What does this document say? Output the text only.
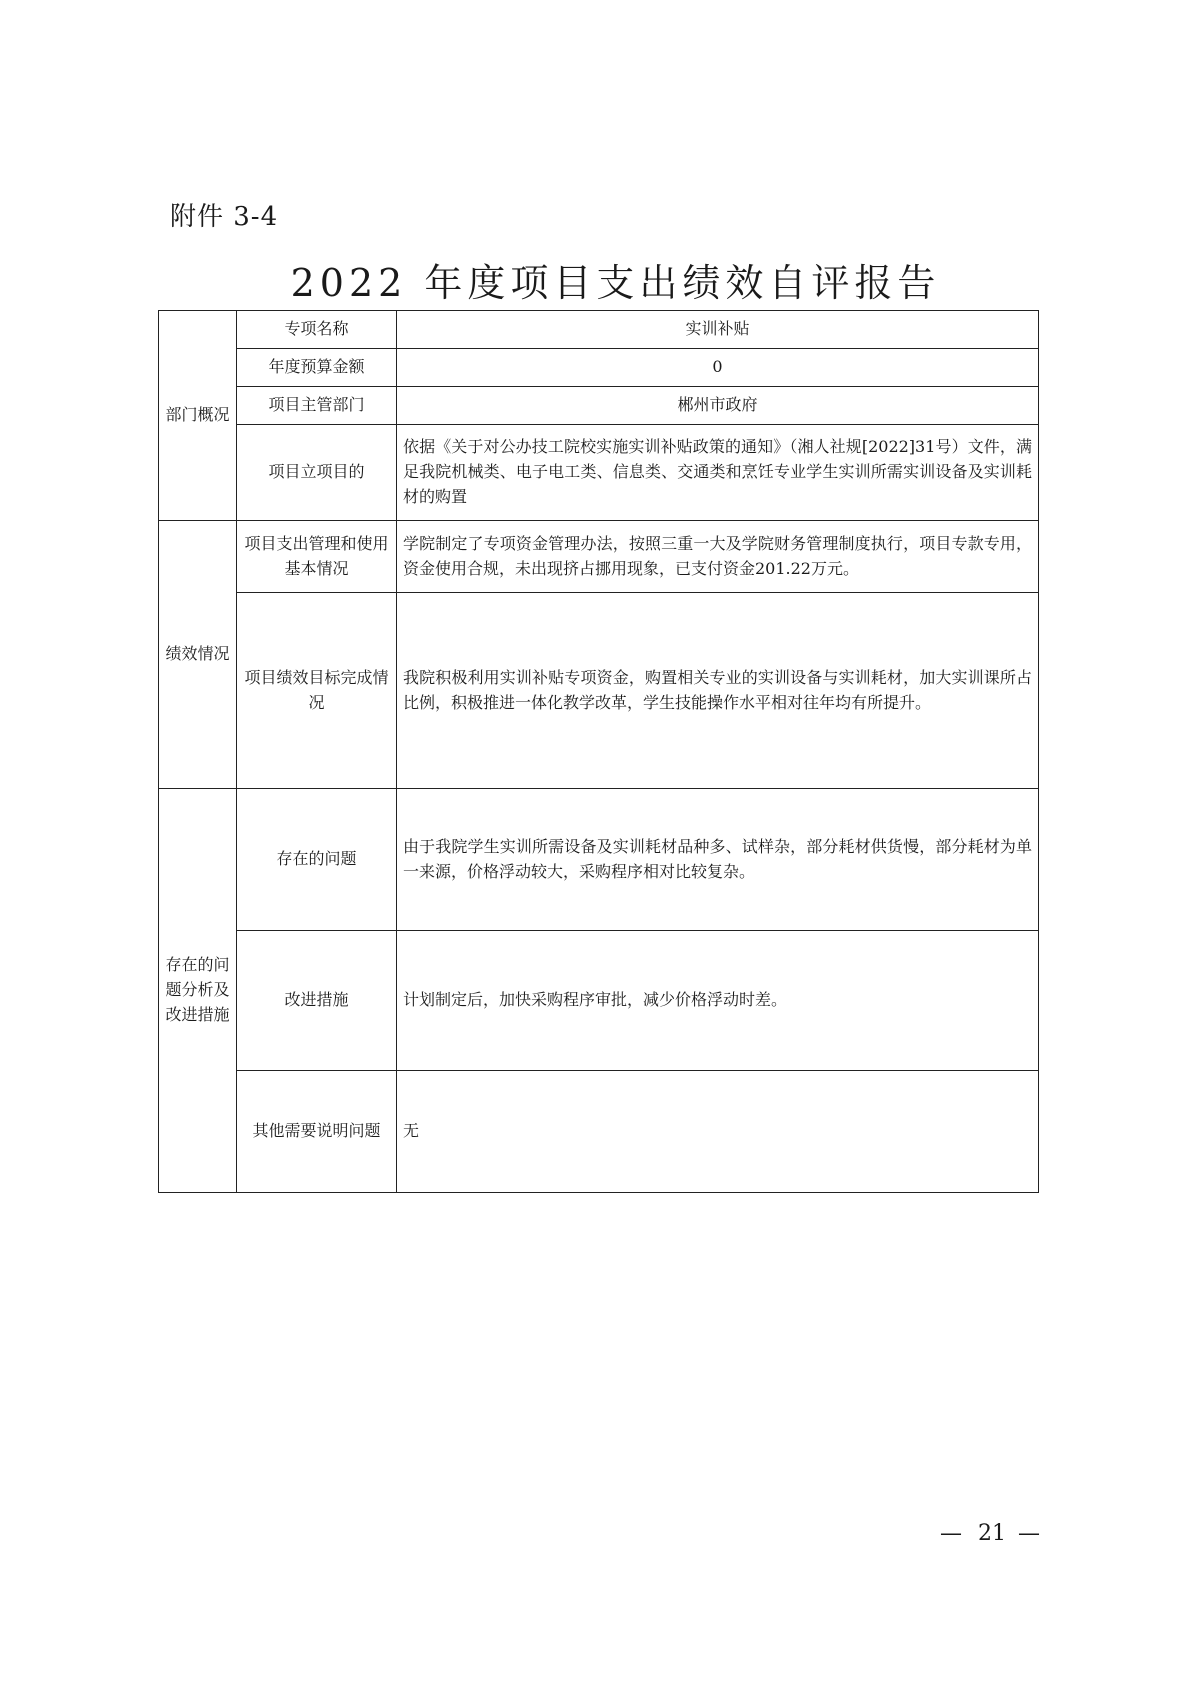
附件 3-4
2022 年度项目支出绩效自评报告
部门概况	专项名称	实训补贴
	年度预算金额	0
	项目主管部门	郴州市政府
	项目立项目的	依据《关于对公办技工院校实施实训补贴政策的通知》（湘人社规[2022]31号）文件，满足我院机械类、电子电工类、信息类、交通类和烹饪专业学生实训所需实训设备及实训耗材的购置
绩效情况	项目支出管理和使用基本情况	学院制定了专项资金管理办法，按照三重一大及学院财务管理制度执行，项目专款专用，资金使用合规，未出现挤占挪用现象，已支付资金201.22万元。
	项目绩效目标完成情况	我院积极利用实训补贴专项资金，购置相关专业的实训设备与实训耗材，加大实训课所占比例，积极推进一体化教学改革，学生技能操作水平相对往年均有所提升。
存在的问题分析及改进措施	存在的问题	由于我院学生实训所需设备及实训耗材品种多、试样杂，部分耗材供货慢，部分耗材为单一来源，价格浮动较大，采购程序相对比较复杂。
	改进措施	计划制定后，加快采购程序审批，减少价格浮动时差。
	其他需要说明问题	无
— 21 —
